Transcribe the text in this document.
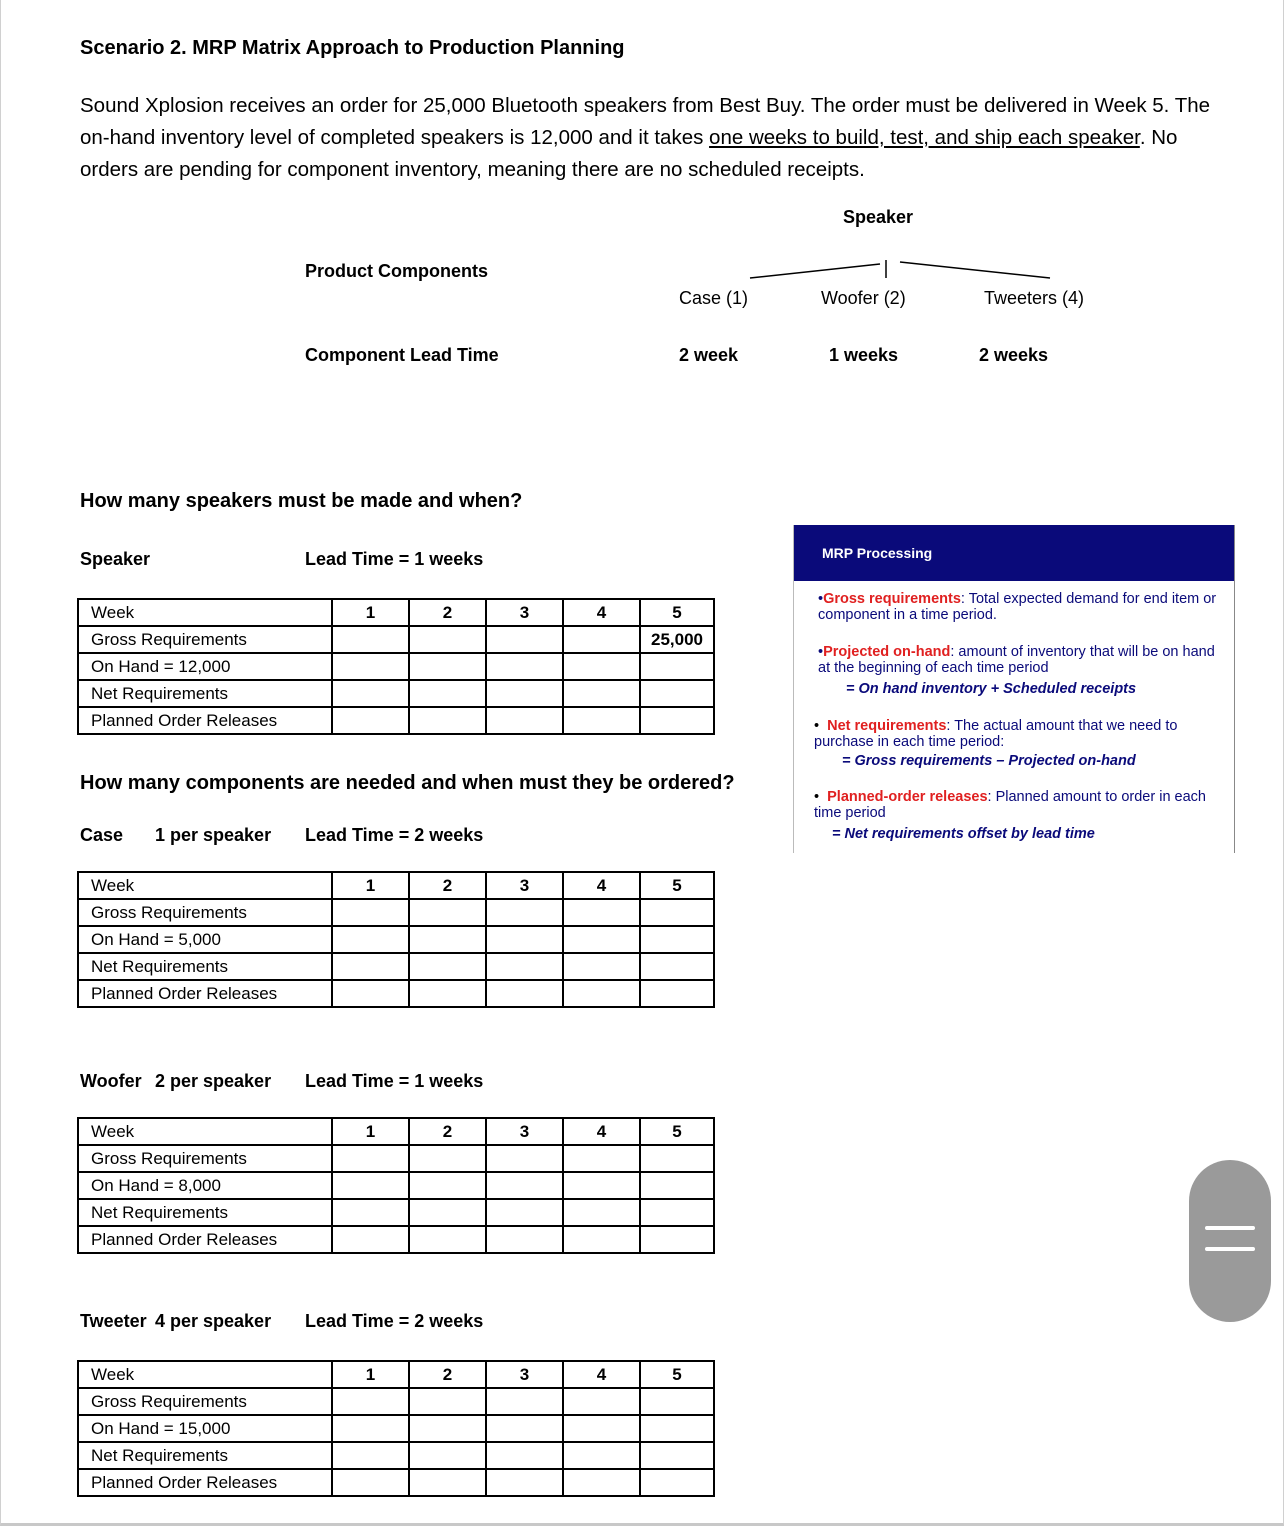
Scenario 2. MRP Matrix Approach to Production Planning
Sound Xplosion receives an order for 25,000 Bluetooth speakers from Best Buy. The order must be delivered in Week 5. The on-hand inventory level of completed speakers is 12,000 and it takes one weeks to build, test, and ship each speaker. No orders are pending for component inventory, meaning there are no scheduled receipts.
Speaker
Product Components
Case (1)	Woofer (2)	Tweeters (4)
Component Lead Time	2 week	1 weeks	2 weeks
How many speakers must be made and when?
Speaker	Lead Time = 1 weeks
Week	1	2	3	4	5
Gross Requirements					25,000
On Hand = 12,000					
Net Requirements					
Planned Order Releases					
How many components are needed and when must they be ordered?
Case 1 per speaker Lead Time = 2 weeks
Week	1	2	3	4	5
Gross Requirements					
On Hand = 5,000					
Net Requirements					
Planned Order Releases					
Woofer 2 per speaker Lead Time = 1 weeks
Week	1	2	3	4	5
Gross Requirements					
On Hand = 8,000					
Net Requirements					
Planned Order Releases					
Tweeter 4 per speaker Lead Time = 2 weeks
Week	1	2	3	4	5
Gross Requirements					
On Hand = 15,000					
Net Requirements					
Planned Order Releases					
MRP Processing
•Gross requirements: Total expected demand for end item or component in a time period.
•Projected on-hand: amount of inventory that will be on hand at the beginning of each time period
= On hand inventory + Scheduled receipts
• Net requirements: The actual amount that we need to purchase in each time period:
= Gross requirements – Projected on-hand
• Planned-order releases: Planned amount to order in each time period
= Net requirements offset by lead time
